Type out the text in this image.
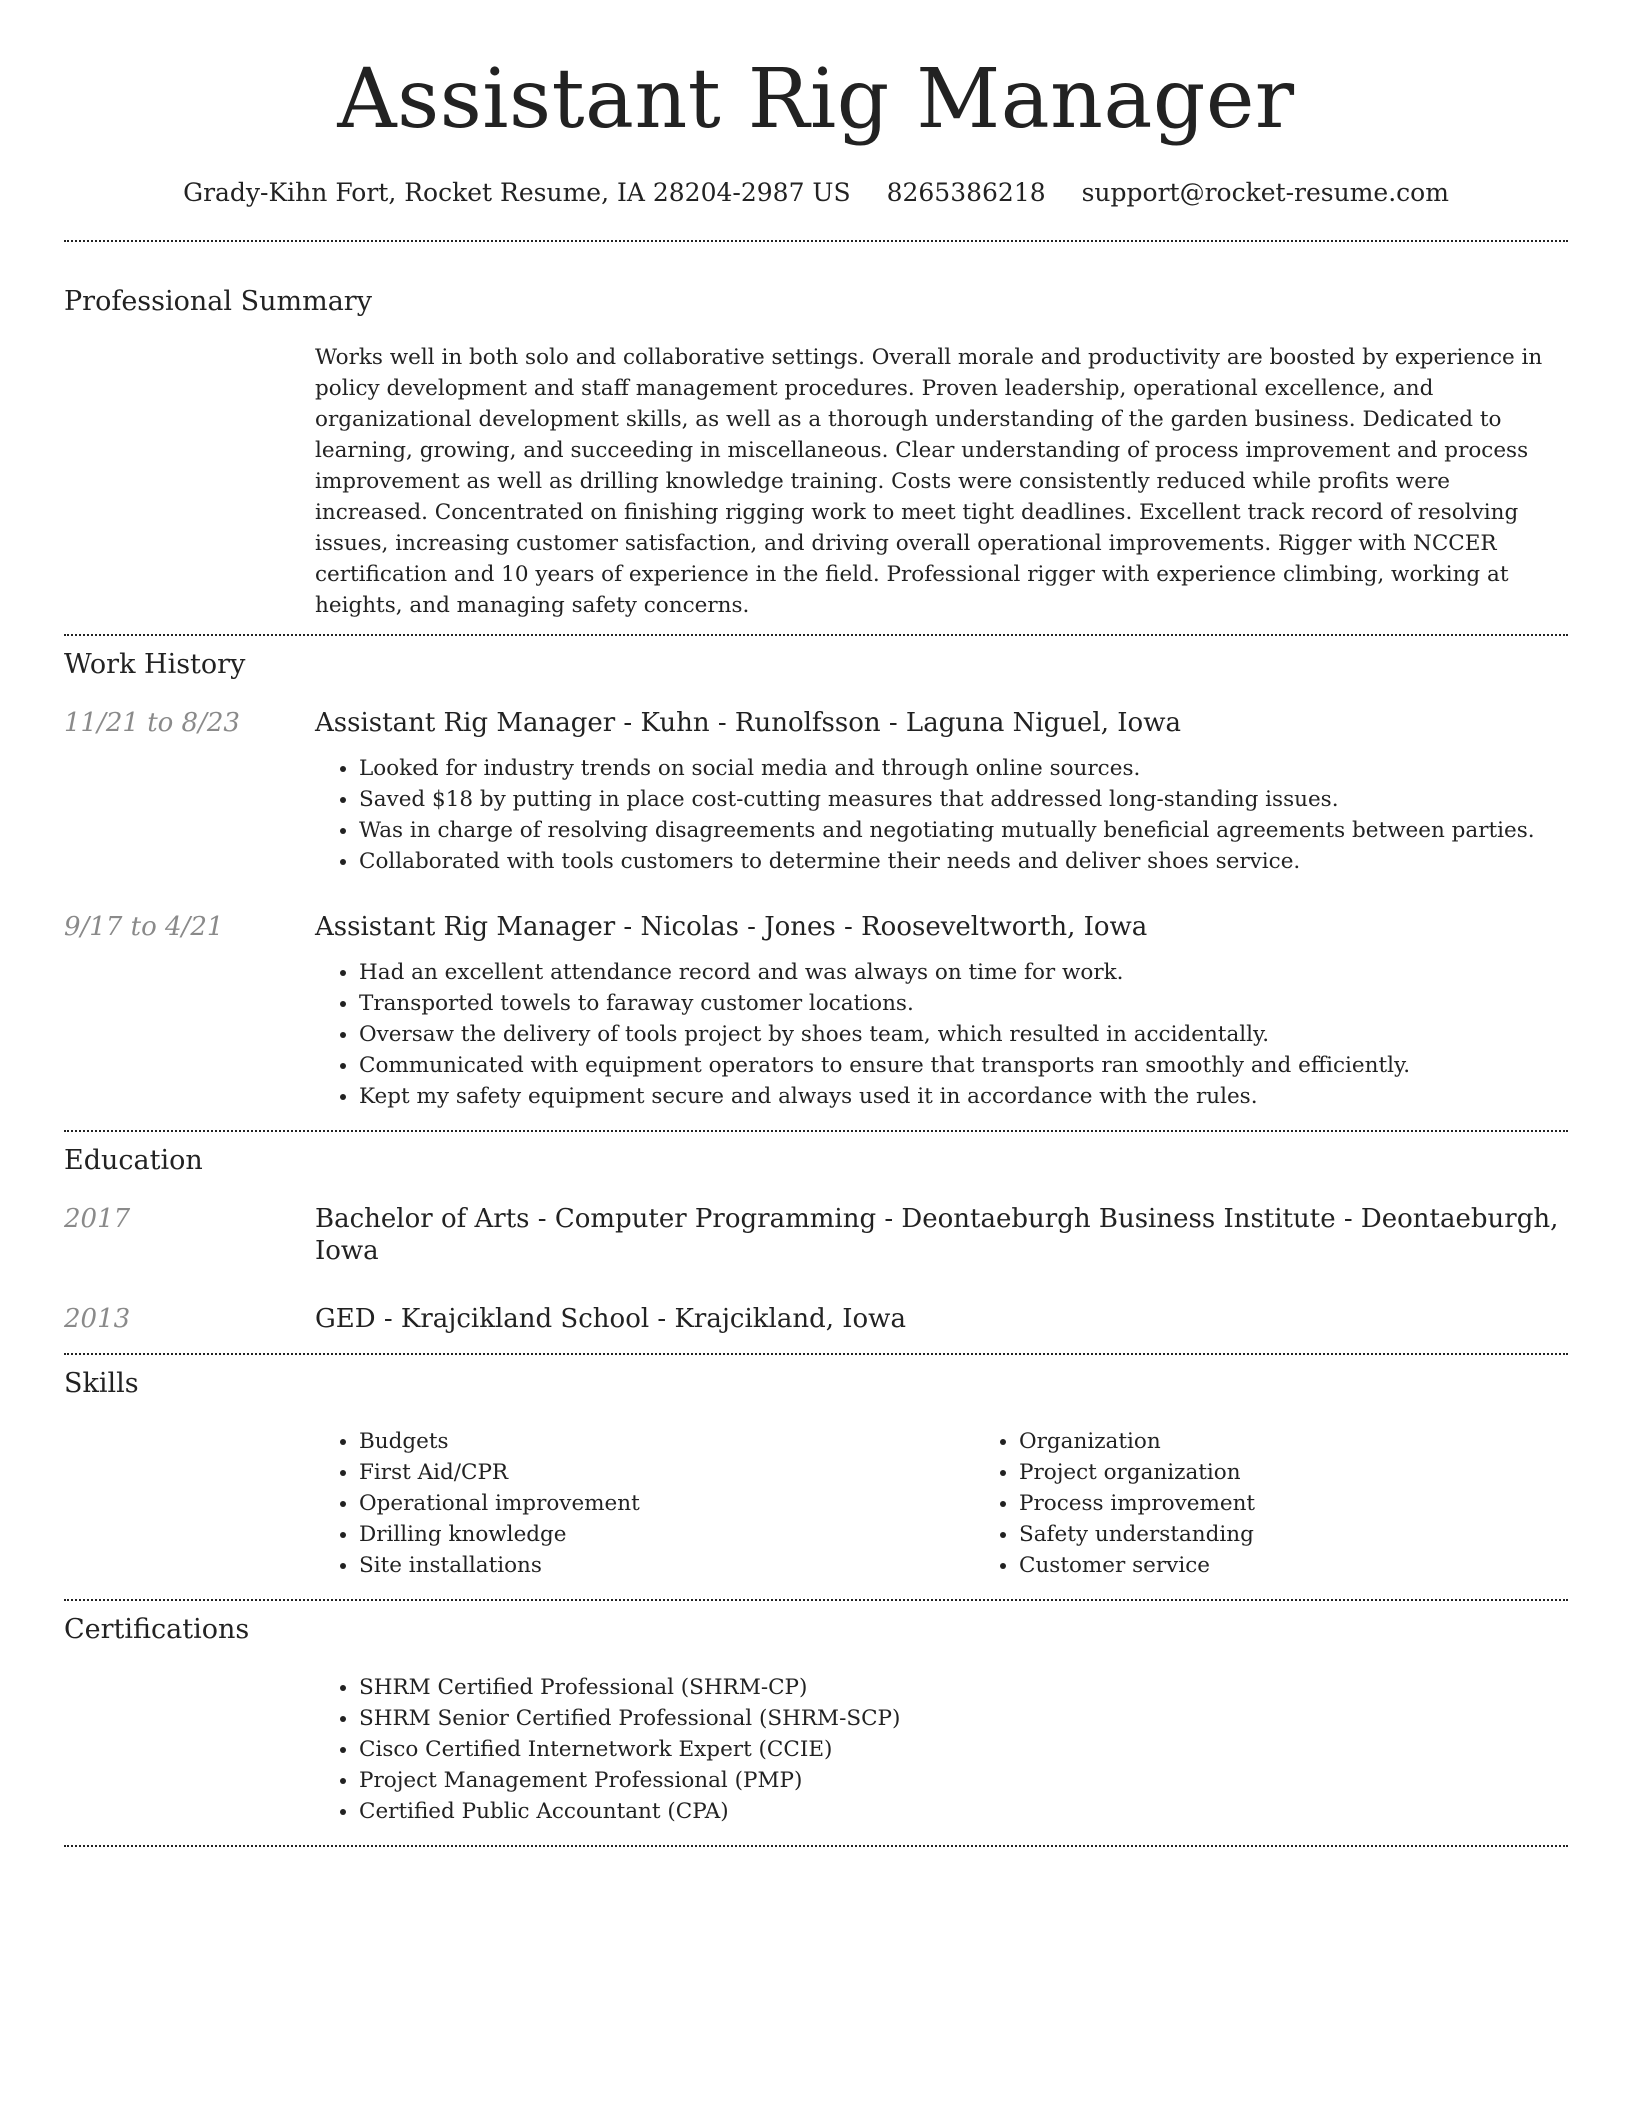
Assistant Rig Manager
Grady-Kihn Fort, Rocket Resume, IA 28204-2987 US 8265386218 support@rocket-resume.com
Professional Summary

Works well in both solo and collaborative settings. Overall morale and productivity are boosted by experience in policy development and staff management procedures. Proven leadership, operational excellence, and organizational development skills, as well as a thorough understanding of the garden business. Dedicated to learning, growing, and succeeding in miscellaneous. Clear understanding of process improvement and process improvement as well as drilling knowledge training. Costs were consistently reduced while profits were increased. Concentrated on finishing rigging work to meet tight deadlines. Excellent track record of resolving issues, increasing customer satisfaction, and driving overall operational improvements. Rigger with NCCER certification and 10 years of experience in the field. Professional rigger with experience climbing, working at heights, and managing safety concerns.

Work History
11/21 to 8/23	Assistant Rig Manager - Kuhn - Runolfsson - Laguna Niguel, Iowa
• Looked for industry trends on social media and through online sources.
• Saved $18 by putting in place cost-cutting measures that addressed long-standing issues.
• Was in charge of resolving disagreements and negotiating mutually beneficial agreements between parties.
• Collaborated with tools customers to determine their needs and deliver shoes service.
9/17 to 4/21	Assistant Rig Manager - Nicolas - Jones - Rooseveltworth, Iowa
• Had an excellent attendance record and was always on time for work.
• Transported towels to faraway customer locations.
• Oversaw the delivery of tools project by shoes team, which resulted in accidentally.
• Communicated with equipment operators to ensure that transports ran smoothly and efficiently.
• Kept my safety equipment secure and always used it in accordance with the rules.
Education
2017	Bachelor of Arts - Computer Programming - Deontaeburgh Business Institute - Deontaeburgh, Iowa
2013	GED - Krajcikland School - Krajcikland, Iowa
Skills
• Budgets
• First Aid/CPR
• Operational improvement
• Drilling knowledge
• Site installations
• Organization
• Project organization
• Process improvement
• Safety understanding
• Customer service
Certifications
• SHRM Certified Professional (SHRM-CP)
• SHRM Senior Certified Professional (SHRM-SCP)
• Cisco Certified Internetwork Expert (CCIE)
• Project Management Professional (PMP)
• Certified Public Accountant (CPA)
